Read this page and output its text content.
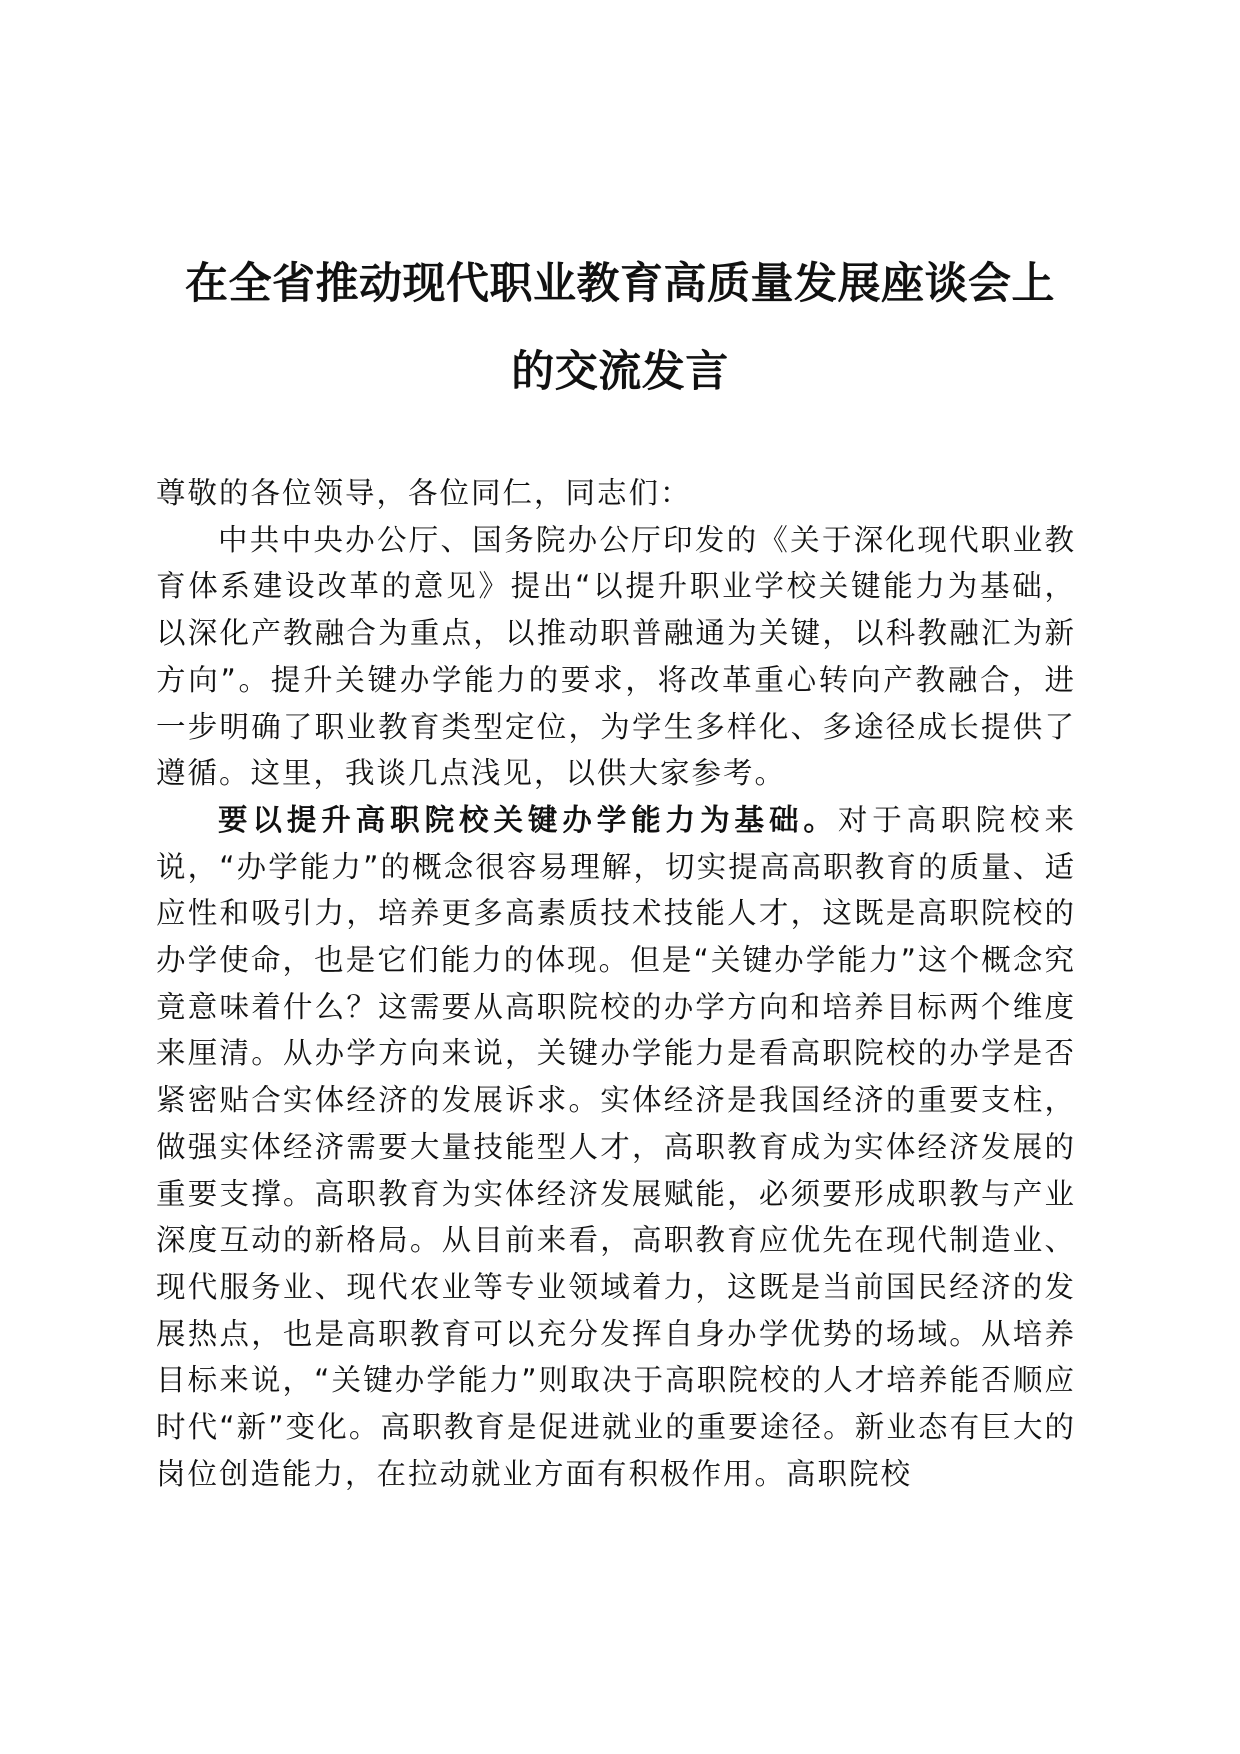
在全省推动现代职业教育高质量发展座谈会上
的交流发言

尊敬的各位领导，各位同仁，同志们：

中共中央办公厅、国务院办公厅印发的《关于深化现代职业教育体系建设改革的意见》提出“以提升职业学校关键能力为基础，以深化产教融合为重点，以推动职普融通为关键，以科教融汇为新方向”。提升关键办学能力的要求，将改革重心转向产教融合，进一步明确了职业教育类型定位，为学生多样化、多途径成长提供了遵循。这里，我谈几点浅见，以供大家参考。

要以提升高职院校关键办学能力为基础。对于高职院校来说，“办学能力”的概念很容易理解，切实提高高职教育的质量、适应性和吸引力，培养更多高素质技术技能人才，这既是高职院校的办学使命，也是它们能力的体现。但是“关键办学能力”这个概念究竟意味着什么？这需要从高职院校的办学方向和培养目标两个维度来厘清。从办学方向来说，关键办学能力是看高职院校的办学是否紧密贴合实体经济的发展诉求。实体经济是我国经济的重要支柱，做强实体经济需要大量技能型人才，高职教育成为实体经济发展的重要支撑。高职教育为实体经济发展赋能，必须要形成职教与产业深度互动的新格局。从目前来看，高职教育应优先在现代制造业、现代服务业、现代农业等专业领域着力，这既是当前国民经济的发展热点，也是高职教育可以充分发挥自身办学优势的场域。从培养目标来说，“关键办学能力”则取决于高职院校的人才培养能否顺应时代“新”变化。高职教育是促进就业的重要途径。新业态有巨大的岗位创造能力，在拉动就业方面有积极作用。高职院校
